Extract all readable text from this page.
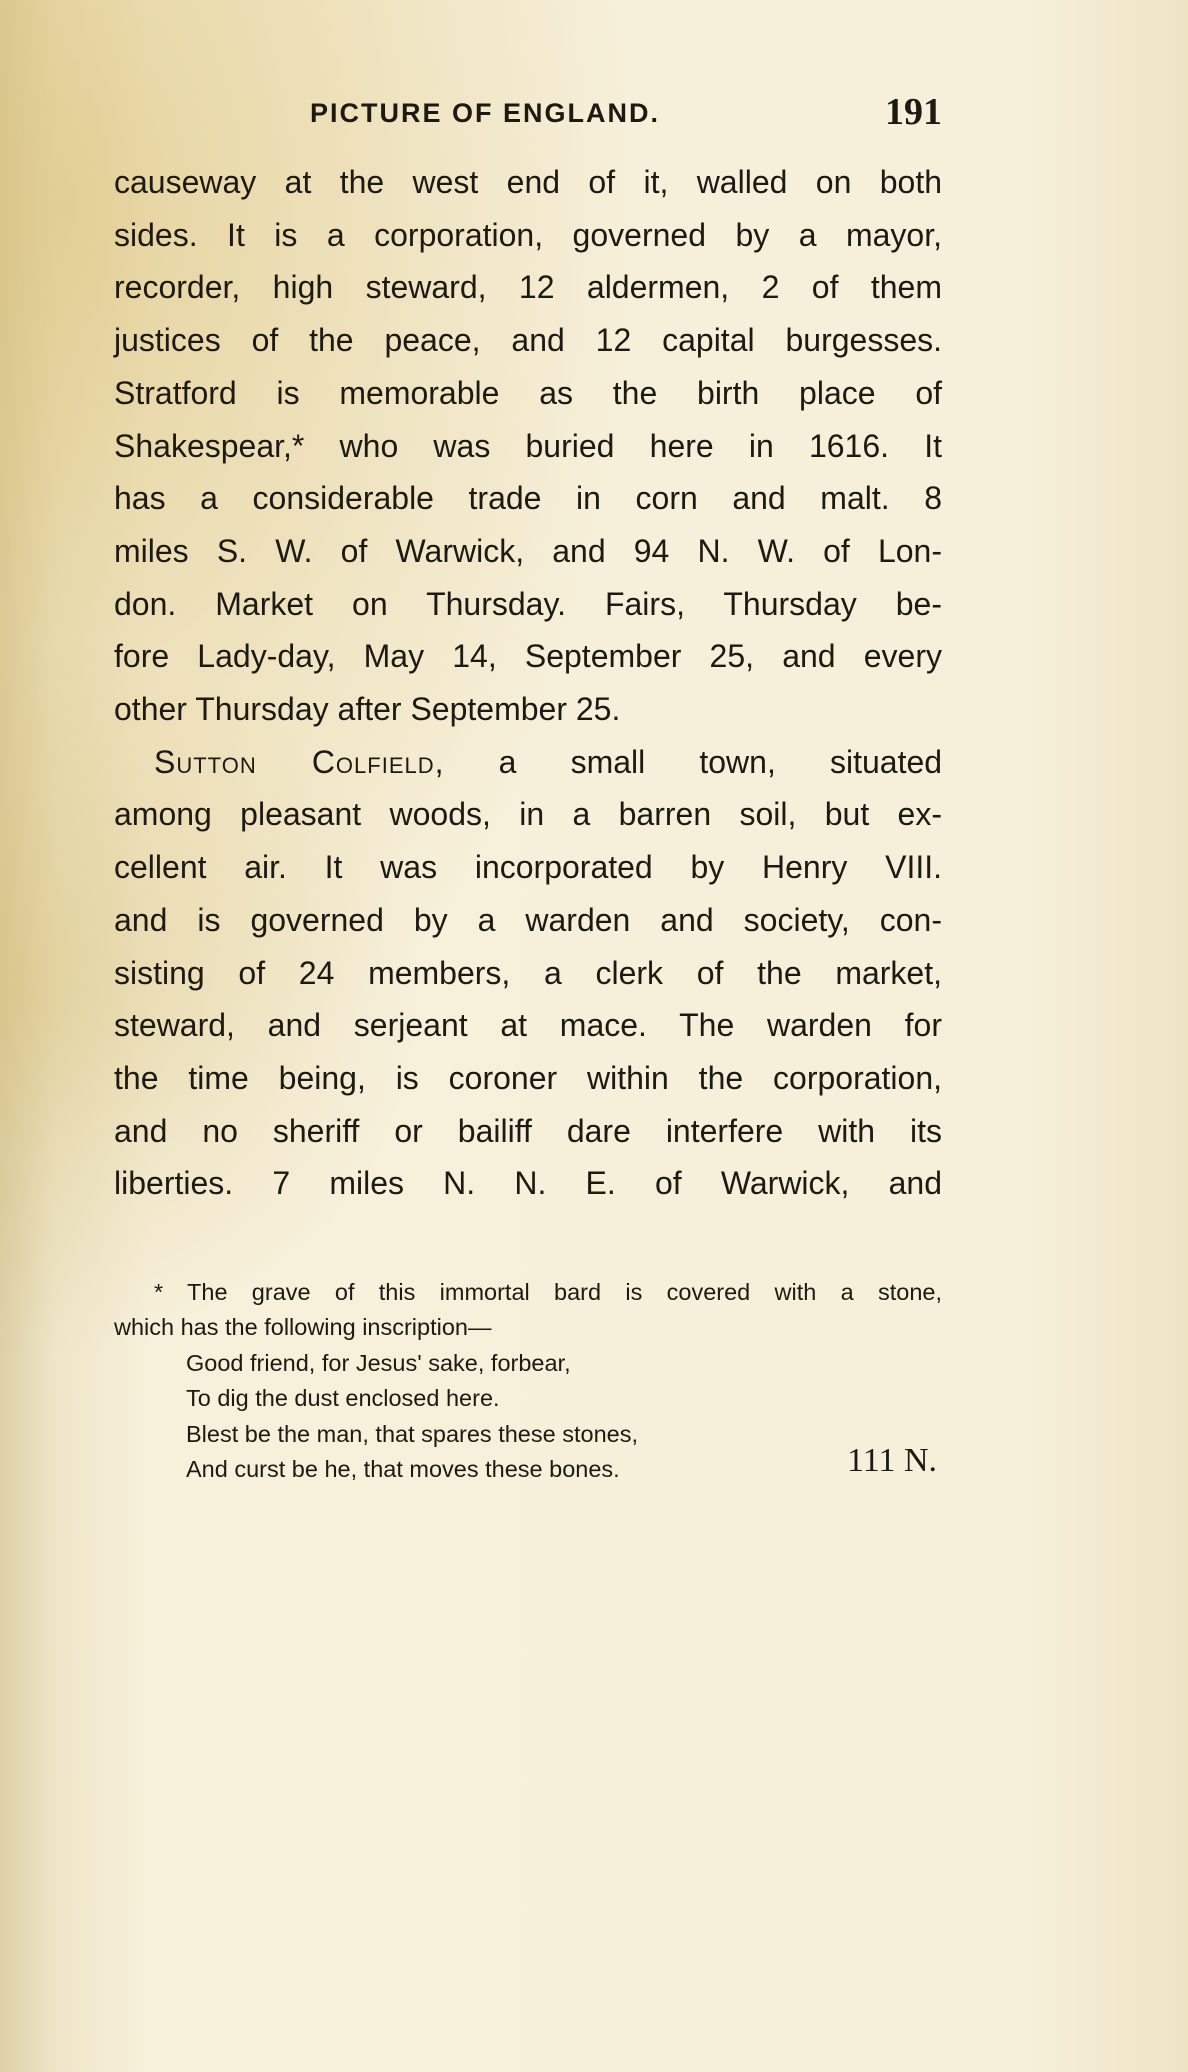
PICTURE OF ENGLAND.	191
causeway at the west end of it, walled on both
sides. It is a corporation, governed by a mayor,
recorder, high steward, 12 aldermen, 2 of them
justices of the peace, and 12 capital burgesses.
Stratford is memorable as the birth place of
Shakespear,* who was buried here in 1616. It
has a considerable trade in corn and malt. 8
miles S. W. of Warwick, and 94 N. W. of Lon-
don. Market on Thursday. Fairs, Thursday be-
fore Lady-day, May 14, September 25, and every
other Thursday after September 25.
Sutton Colfield, a small town, situated
among pleasant woods, in a barren soil, but ex-
cellent air. It was incorporated by Henry VIII.
and is governed by a warden and society, con-
sisting of 24 members, a clerk of the market,
steward, and serjeant at mace. The warden for
the time being, is coroner within the corporation,
and no sheriff or bailiff dare interfere with its
liberties. 7 miles N. N. E. of Warwick, and
* The grave of this immortal bard is covered with a stone,
which has the following inscription—
Good friend, for Jesus' sake, forbear,
To dig the dust enclosed here.
Blest be the man, that spares these stones,
And curst be he, that moves these bones.	111 N.
